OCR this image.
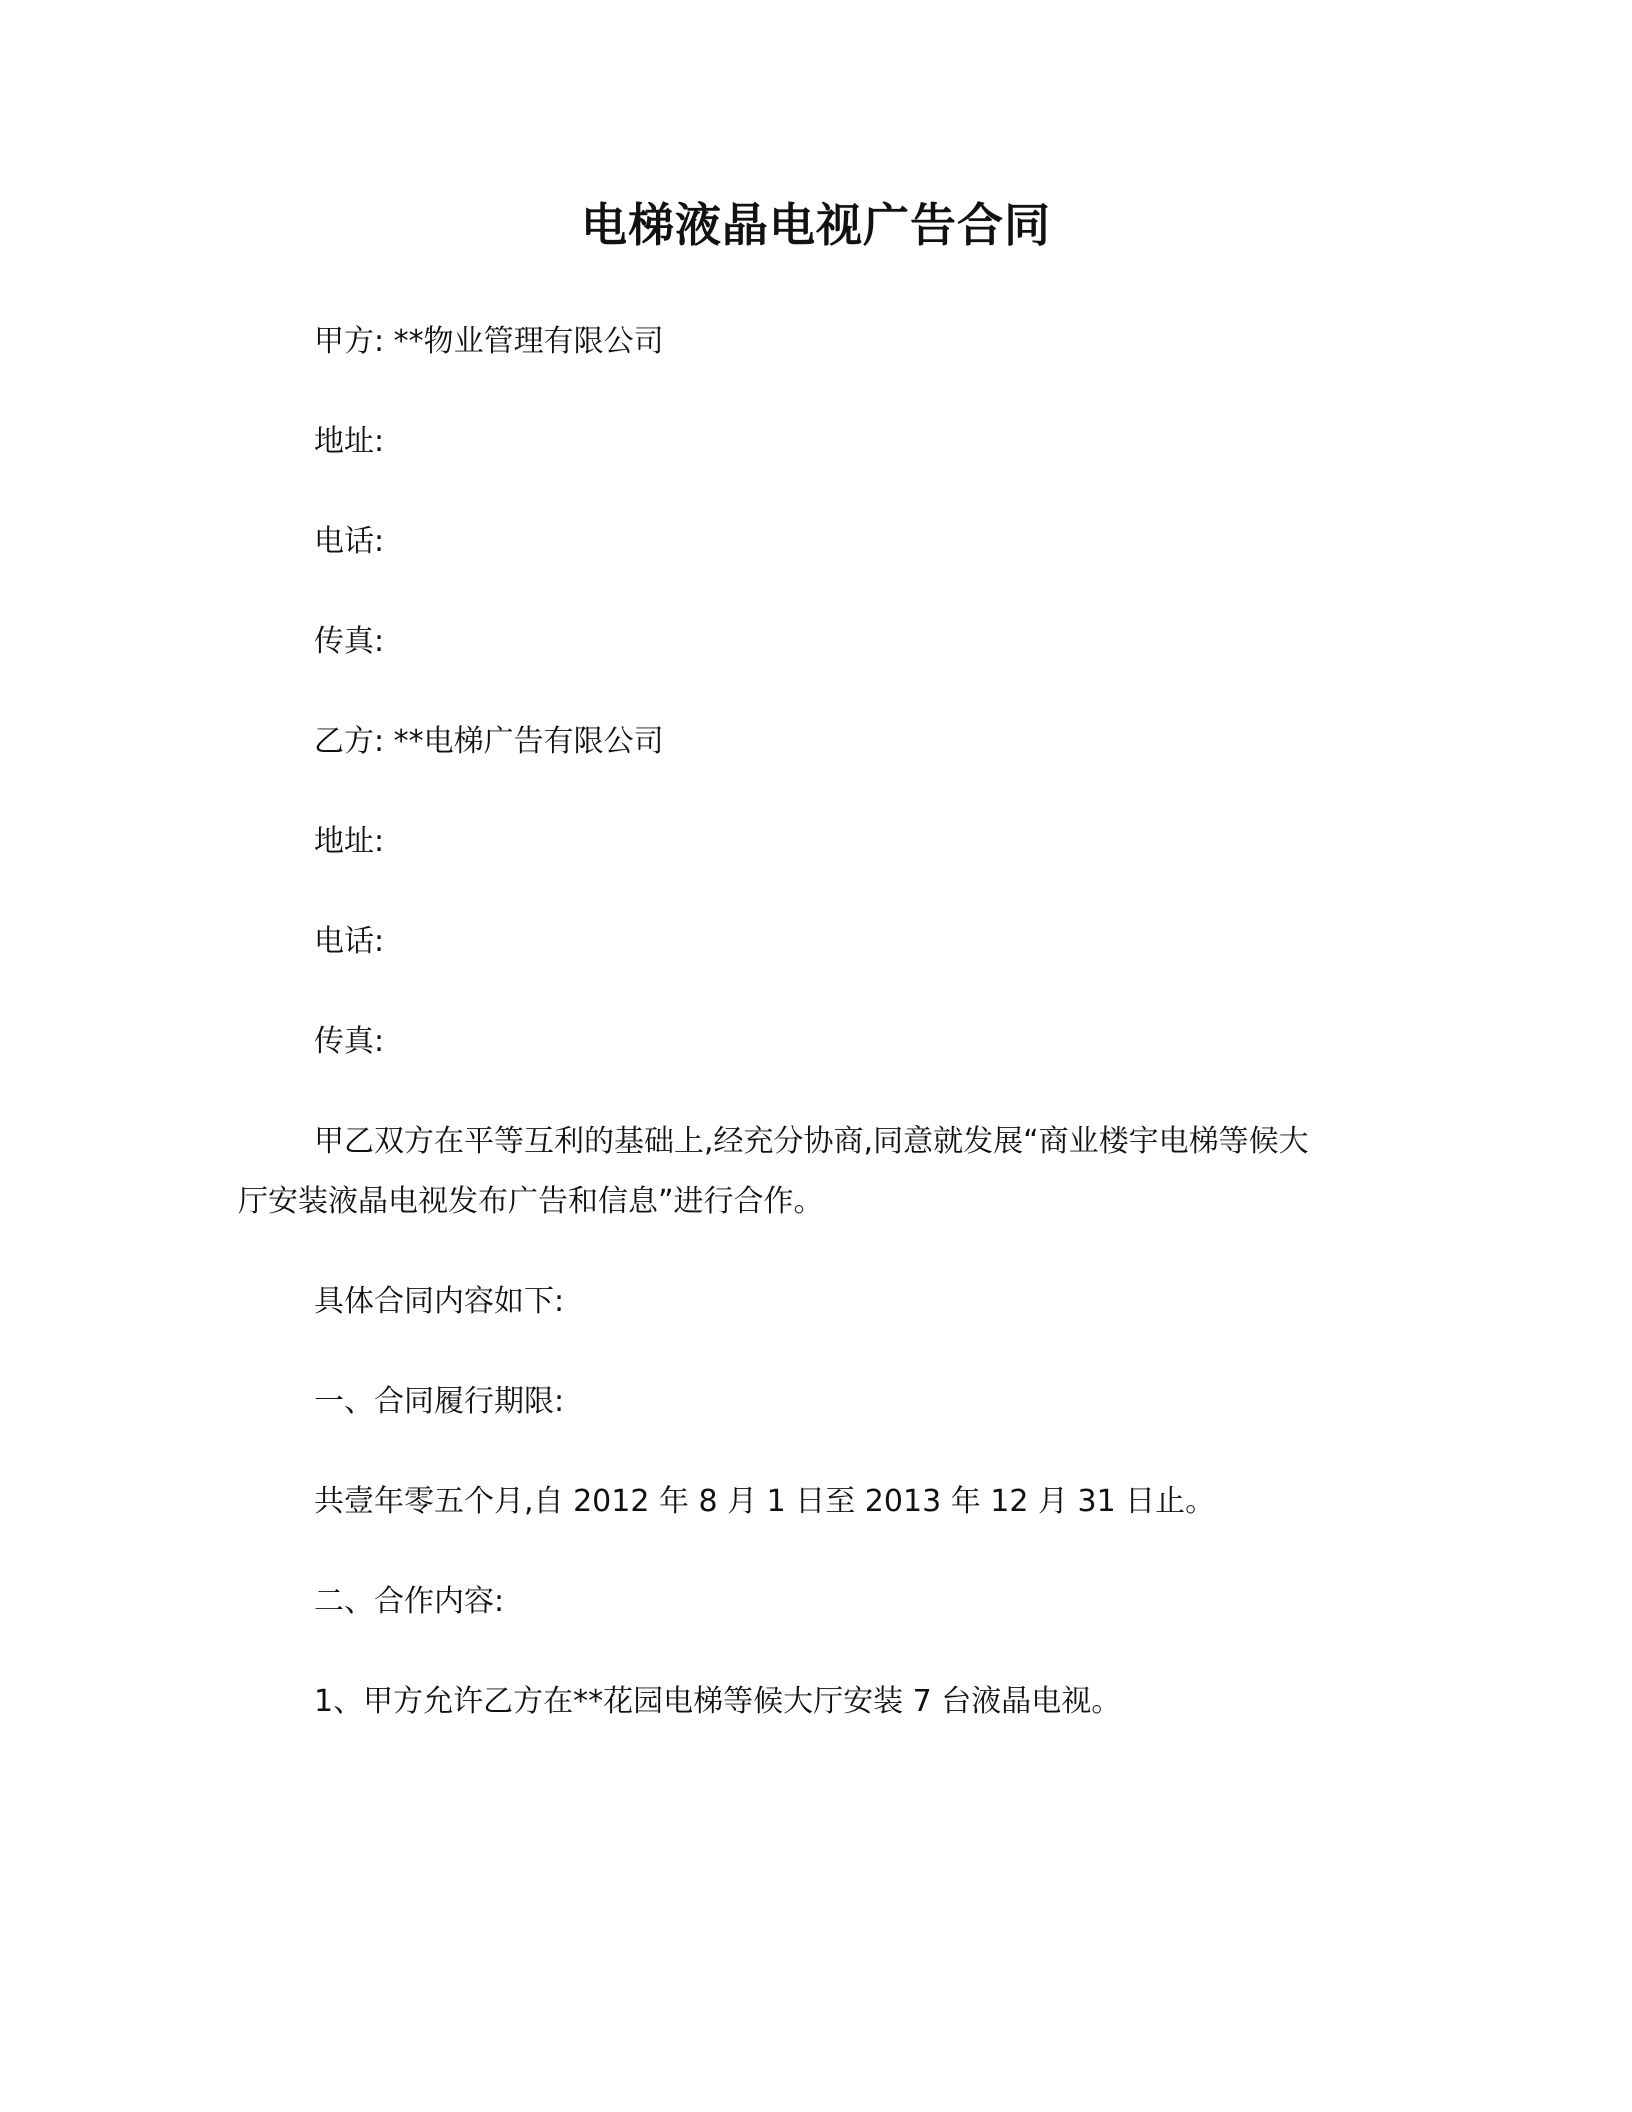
电梯液晶电视广告合同
甲方: **物业管理有限公司
地址:
电话:
传真:
乙方: **电梯广告有限公司
地址:
电话:
传真:
甲乙双方在平等互利的基础上,经充分协商,同意就发展“商业楼宇电梯等候大
厅安装液晶电视发布广告和信息”进行合作。
具体合同内容如下:
一、合同履行期限:
共壹年零五个月,自 2012 年 8 月 1 日至 2013 年 12 月 31 日止。
二、合作内容:
1、甲方允许乙方在**花园电梯等候大厅安装 7 台液晶电视。
